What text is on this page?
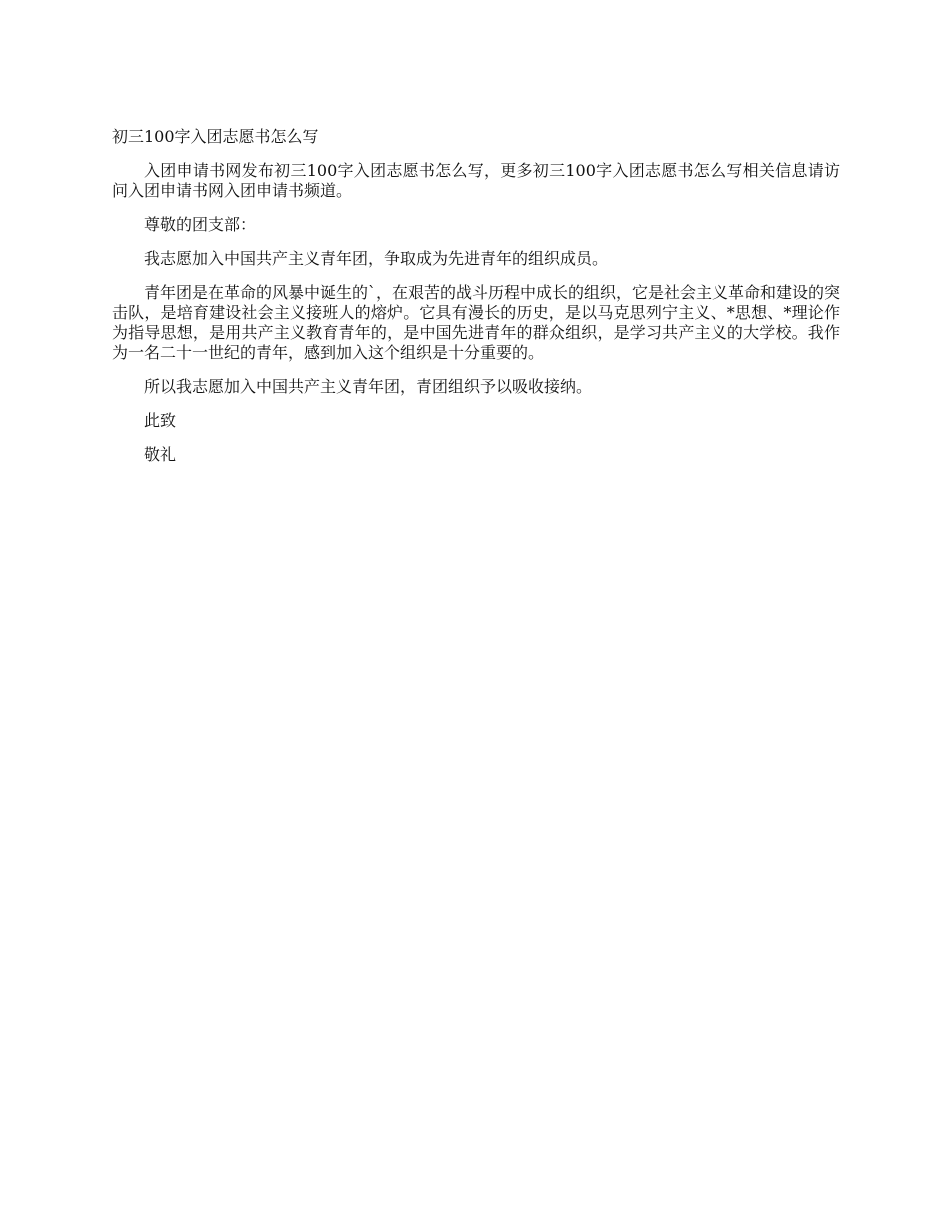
初三100字入团志愿书怎么写

入团申请书网发布初三100字入团志愿书怎么写，更多初三100字入团志愿书怎么写相关信息请访问入团申请书网入团申请书频道。

尊敬的团支部：

我志愿加入中国共产主义青年团，争取成为先进青年的组织成员。

青年团是在革命的风暴中诞生的`，在艰苦的战斗历程中成长的组织，它是社会主义革命和建设的突击队，是培育建设社会主义接班人的熔炉。它具有漫长的历史，是以马克思列宁主义、*思想、*理论作为指导思想，是用共产主义教育青年的，是中国先进青年的群众组织，是学习共产主义的大学校。我作为一名二十一世纪的青年，感到加入这个组织是十分重要的。

所以我志愿加入中国共产主义青年团，青团组织予以吸收接纳。

此致

敬礼
